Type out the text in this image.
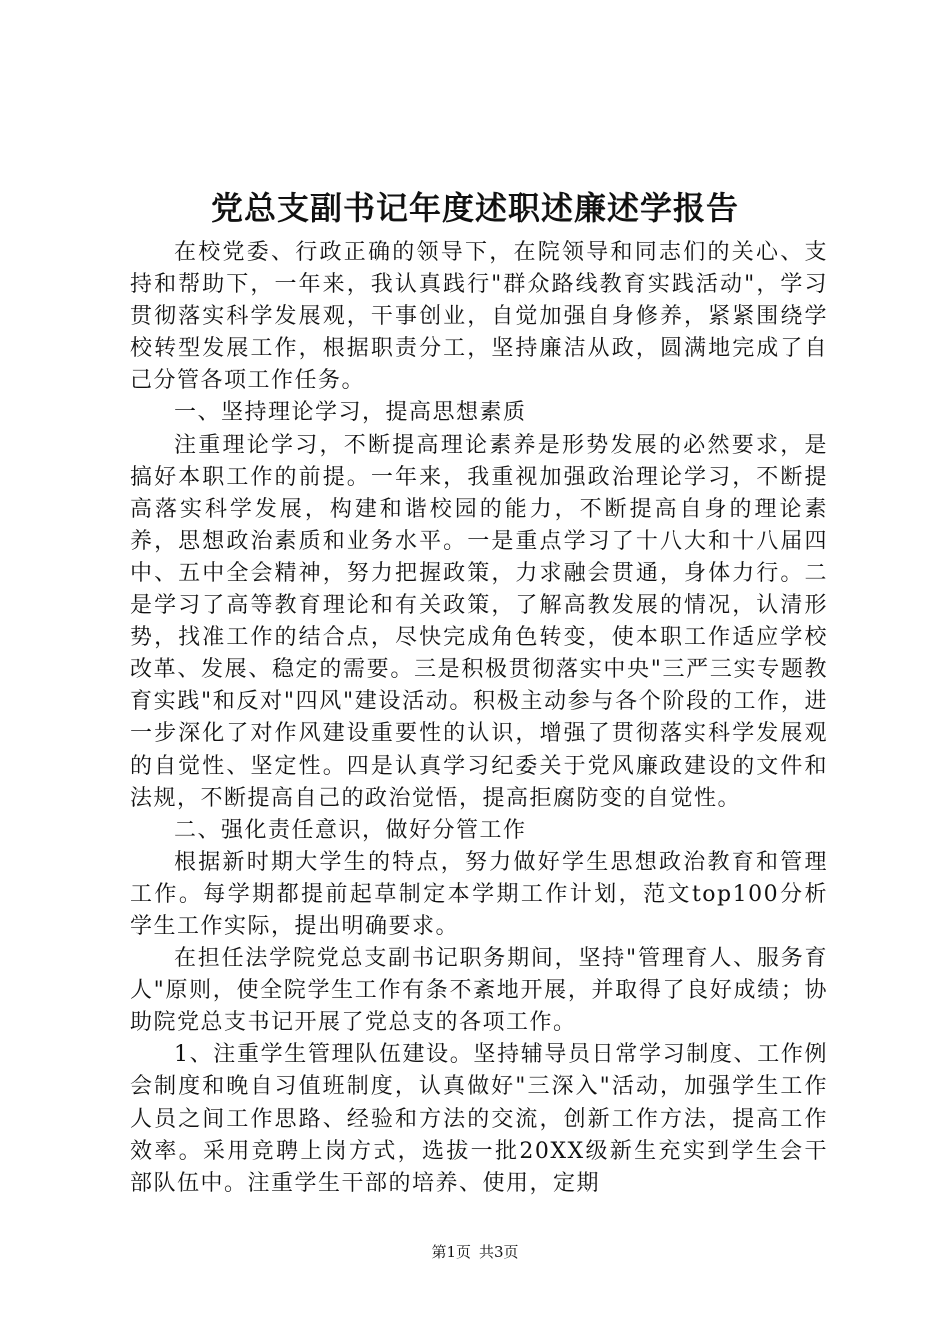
党总支副书记年度述职述廉述学报告

在校党委、行政正确的领导下，在院领导和同志们的关心、支持和帮助下，一年来，我认真践行"群众路线教育实践活动"，学习贯彻落实科学发展观，干事创业，自觉加强自身修养，紧紧围绕学校转型发展工作，根据职责分工，坚持廉洁从政，圆满地完成了自己分管各项工作任务。

一、坚持理论学习，提高思想素质

注重理论学习，不断提高理论素养是形势发展的必然要求，是搞好本职工作的前提。一年来，我重视加强政治理论学习，不断提高落实科学发展，构建和谐校园的能力，不断提高自身的理论素养，思想政治素质和业务水平。一是重点学习了十八大和十八届四中、五中全会精神，努力把握政策，力求融会贯通，身体力行。二是学习了高等教育理论和有关政策，了解高教发展的情况，认清形势，找准工作的结合点，尽快完成角色转变，使本职工作适应学校改革、发展、稳定的需要。三是积极贯彻落实中央"三严三实专题教育实践"和反对"四风"建设活动。积极主动参与各个阶段的工作，进一步深化了对作风建设重要性的认识，增强了贯彻落实科学发展观的自觉性、坚定性。四是认真学习纪委关于党风廉政建设的文件和法规，不断提高自己的政治觉悟，提高拒腐防变的自觉性。

二、强化责任意识，做好分管工作

根据新时期大学生的特点，努力做好学生思想政治教育和管理工作。每学期都提前起草制定本学期工作计划，范文top100分析学生工作实际，提出明确要求。

在担任法学院党总支副书记职务期间，坚持"管理育人、服务育人"原则，使全院学生工作有条不紊地开展，并取得了良好成绩；协助院党总支书记开展了党总支的各项工作。

1、注重学生管理队伍建设。坚持辅导员日常学习制度、工作例会制度和晚自习值班制度，认真做好"三深入"活动，加强学生工作人员之间工作思路、经验和方法的交流，创新工作方法，提高工作效率。采用竞聘上岗方式，选拔一批20XX级新生充实到学生会干部队伍中。注重学生干部的培养、使用，定期

第1页 共3页
